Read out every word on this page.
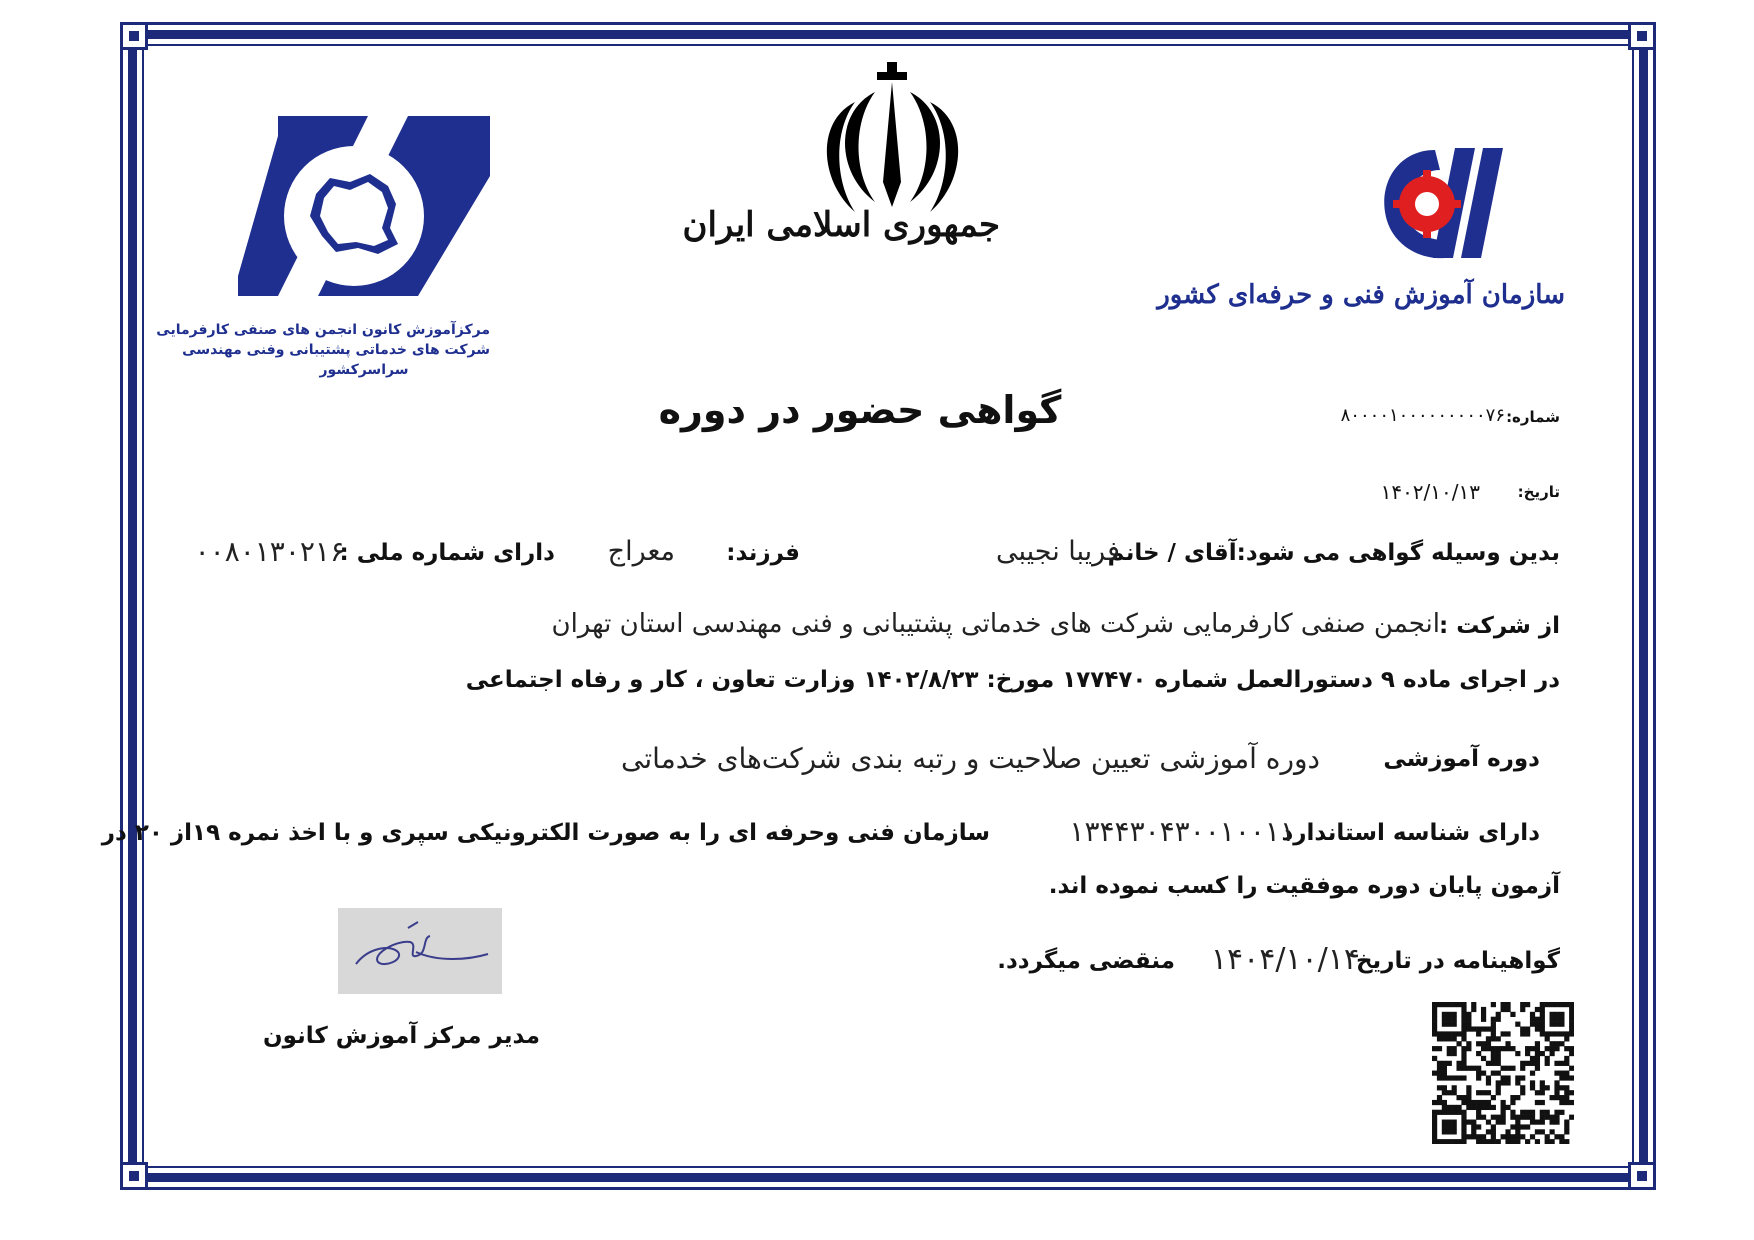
مرکزآموزش کانون انجمن های صنفی کارفرمایی
شرکت های خدماتی پشتیبانی وفنی مهندسی
سراسرکشور
جمهوری اسلامی ایران
سازمان آموزش فنی و حرفه‌ای کشور
گواهی حضور در دوره	شماره:
۸۰۰۰۰۱۰۰۰۰۰۰۰۰۰۷۶
تاریخ:
۱۴۰۲/۱۰/۱۳
بدین وسیله گواهی می شود:آقای / خانم
فریبا نجیبی
فرزند:
معراج
دارای شماره ملی :
۰۰۸۰۱۳۰۲۱۶
از شرکت :
انجمن صنفی کارفرمایی شرکت های خدماتی پشتیبانی و فنی مهندسی استان تهران
در اجرای ماده ۹ دستورالعمل شماره ۱۷۷۴۷۰ مورخ: ۱۴۰۲/۸/۲۳ وزارت تعاون ، کار و رفاه اجتماعی
دوره آموزشی
دوره آموزشی تعیین صلاحیت و رتبه بندی شرکت‌های خدماتی
دارای شناسه استاندارد
۱۳۴۴۳۰۴۳۰۰۱۰۰۱۱
سازمان فنی وحرفه ای را به صورت الکترونیکی سپری و با اخذ نمره ۱۹از ۲۰ در
آزمون پایان دوره موفقیت را کسب نموده اند.
گواهینامه در تاریخ
۱۴۰۴/۱۰/۱۴
منقضی میگردد.
مدیر مرکز آموزش کانون
